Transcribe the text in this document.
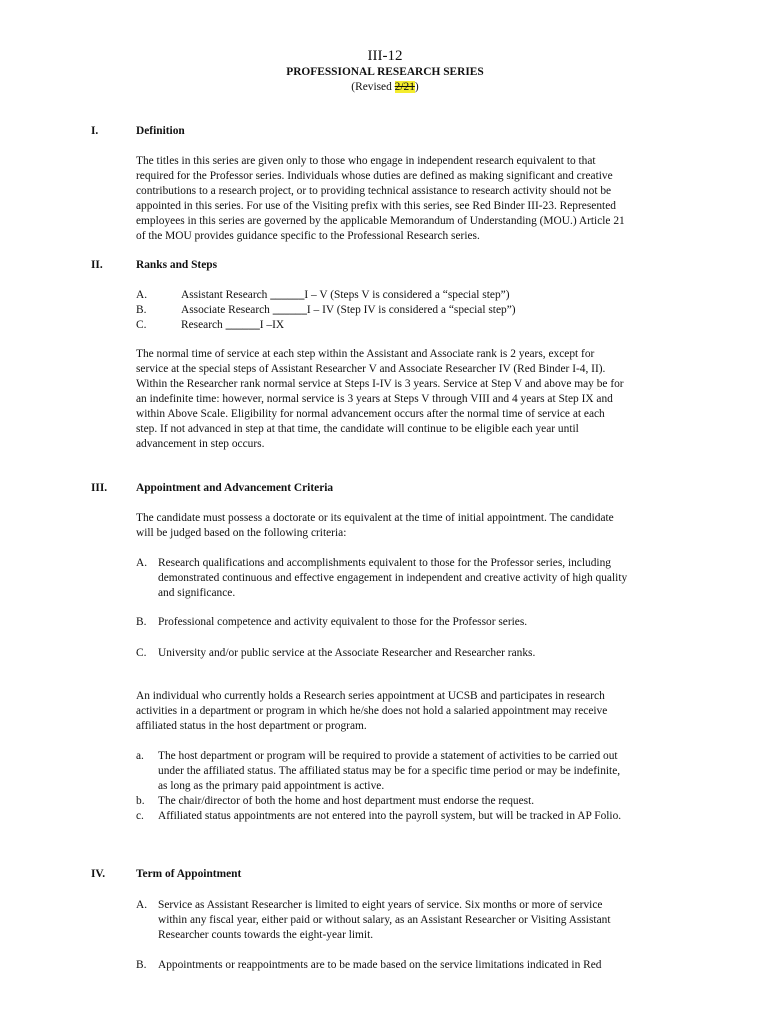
III-12
PROFESSIONAL RESEARCH SERIES
(Revised 2/21)
I.	Definition

The titles in this series are given only to those who engage in independent research equivalent to that

required for the Professor series. Individuals whose duties are defined as making significant and creative

contributions to a research project, or to providing technical assistance to research activity should not be

appointed in this series. For use of the Visiting prefix with this series, see Red Binder III-23. Represented

employees in this series are governed by the applicable Memorandum of Understanding (MOU.) Article 21

of the MOU provides guidance specific to the Professional Research series.

II.	Ranks and Steps
A.	Assistant Research ______I – V (Steps V is considered a “special step”)
B.	Associate Research ______I – IV (Step IV is considered a “special step”)
C.	Research ______I –IX

The normal time of service at each step within the Assistant and Associate rank is 2 years, except for

service at the special steps of Assistant Researcher V and Associate Researcher IV (Red Binder I-4, II).

Within the Researcher rank normal service at Steps I-IV is 3 years. Service at Step V and above may be for

an indefinite time: however, normal service is 3 years at Steps V through VIII and 4 years at Step IX and

within Above Scale. Eligibility for normal advancement occurs after the normal time of service at each

step. If not advanced in step at that time, the candidate will continue to be eligible each year until

advancement in step occurs.

III.	Appointment and Advancement Criteria

The candidate must possess a doctorate or its equivalent at the time of initial appointment. The candidate

will be judged based on the following criteria:

A. Research qualifications and accomplishments equivalent to those for the Professor series, including

demonstrated continuous and effective engagement in independent and creative activity of high quality

and significance.

B. Professional competence and activity equivalent to those for the Professor series.

C. University and/or public service at the Associate Researcher and Researcher ranks.

An individual who currently holds a Research series appointment at UCSB and participates in research

activities in a department or program in which he/she does not hold a salaried appointment may receive

affiliated status in the host department or program.

a. The host department or program will be required to provide a statement of activities to be carried out

under the affiliated status. The affiliated status may be for a specific time period or may be indefinite,

as long as the primary paid appointment is active.

b. The chair/director of both the home and host department must endorse the request.

c. Affiliated status appointments are not entered into the payroll system, but will be tracked in AP Folio.

IV.	Term of Appointment
A. Service as Assistant Researcher is limited to eight years of service. Six months or more of service

within any fiscal year, either paid or without salary, as an Assistant Researcher or Visiting Assistant

Researcher counts towards the eight-year limit.

B. Appointments or reappointments are to be made based on the service limitations indicated in Red
